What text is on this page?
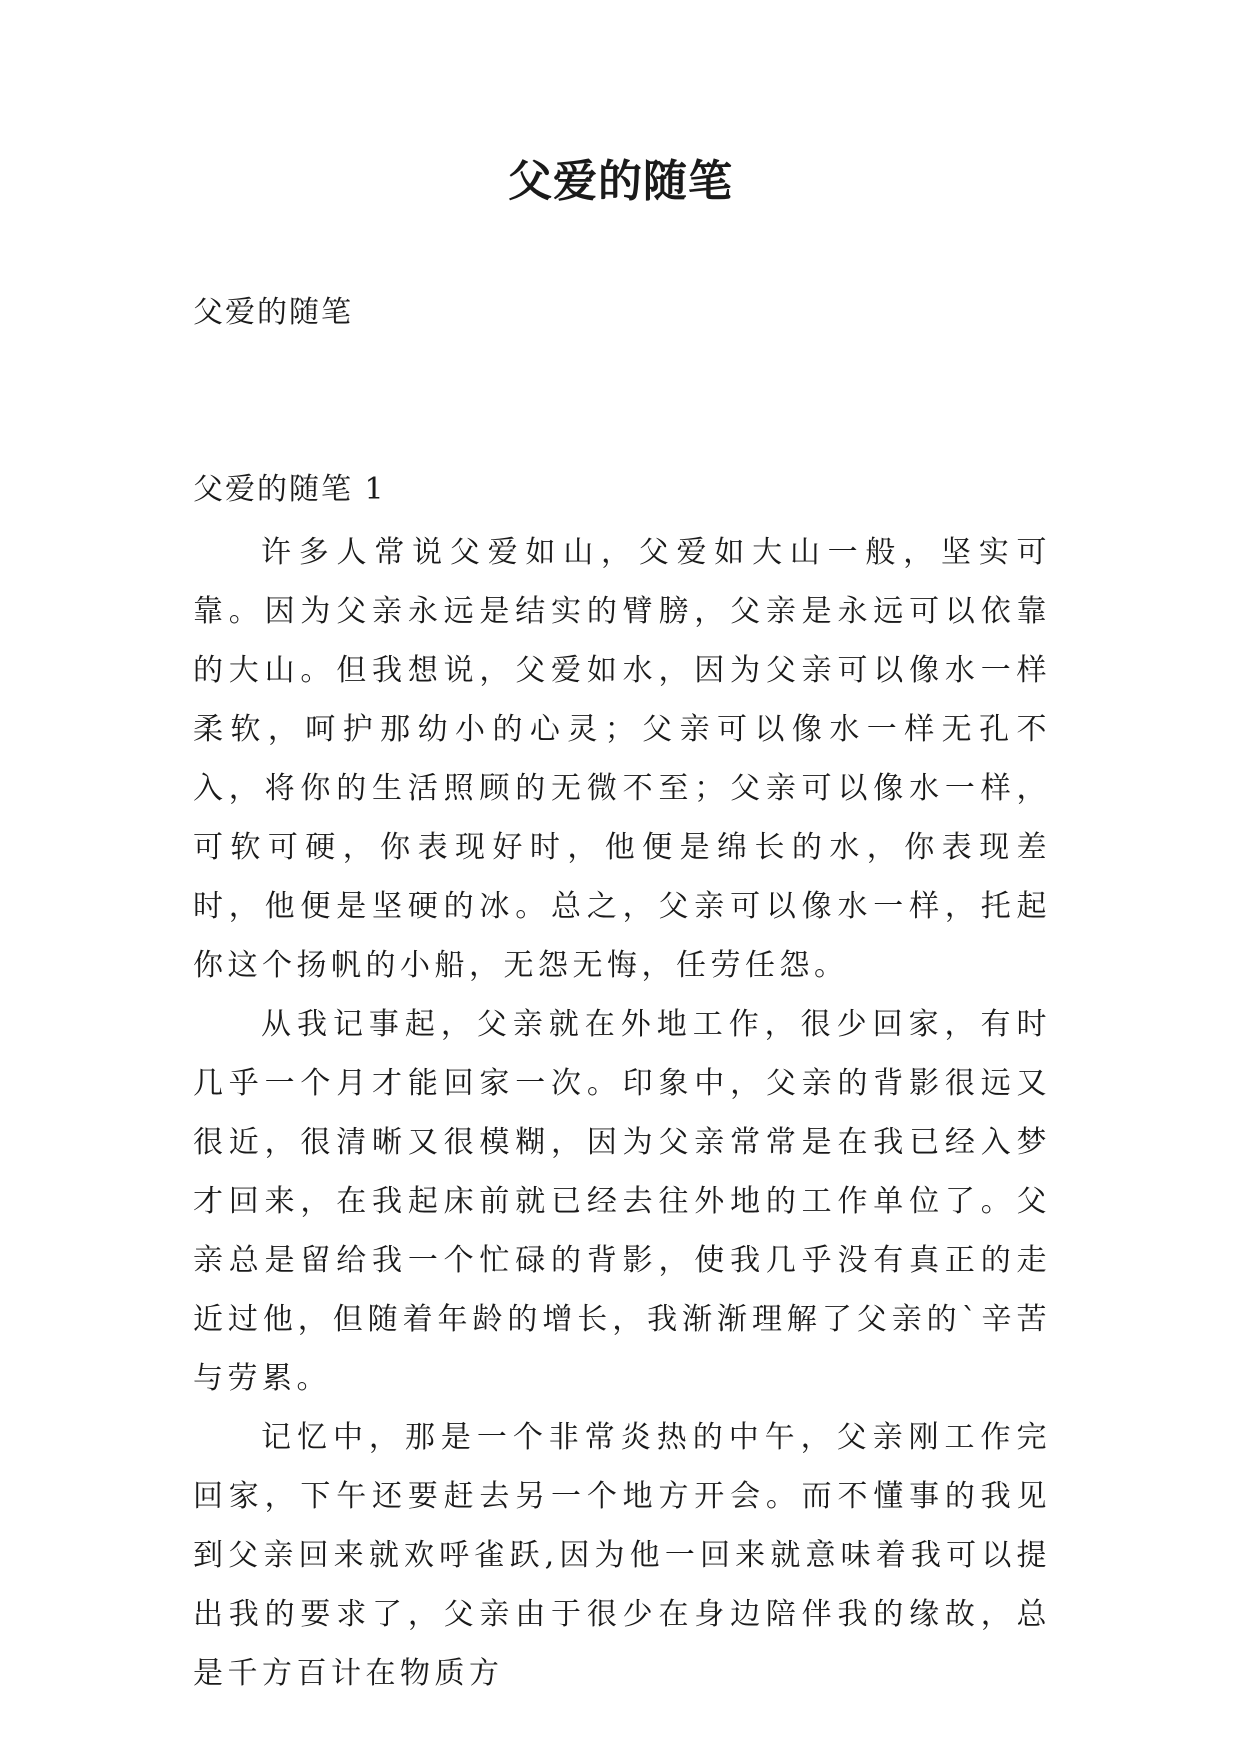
父爱的随笔
父爱的随笔
父爱的随笔 1

许多人常说父爱如山，父爱如大山一般，坚实可靠。因为父亲永远是结实的臂膀，父亲是永远可以依靠的大山。但我想说，父爱如水，因为父亲可以像水一样柔软，呵护那幼小的心灵；父亲可以像水一样无孔不入，将你的生活照顾的无微不至；父亲可以像水一样，可软可硬，你表现好时，他便是绵长的水，你表现差时，他便是坚硬的冰。总之，父亲可以像水一样，托起你这个扬帆的小船，无怨无悔，任劳任怨。

从我记事起，父亲就在外地工作，很少回家，有时几乎一个月才能回家一次。印象中，父亲的背影很远又很近，很清晰又很模糊，因为父亲常常是在我已经入梦才回来，在我起床前就已经去往外地的工作单位了。父亲总是留给我一个忙碌的背影，使我几乎没有真正的走近过他，但随着年龄的增长，我渐渐理解了父亲的`辛苦与劳累。

记忆中，那是一个非常炎热的中午，父亲刚工作完回家，下午还要赶去另一个地方开会。而不懂事的我见到父亲回来就欢呼雀跃,因为他一回来就意味着我可以提出我的要求了，父亲由于很少在身边陪伴我的缘故，总是千方百计在物质方
